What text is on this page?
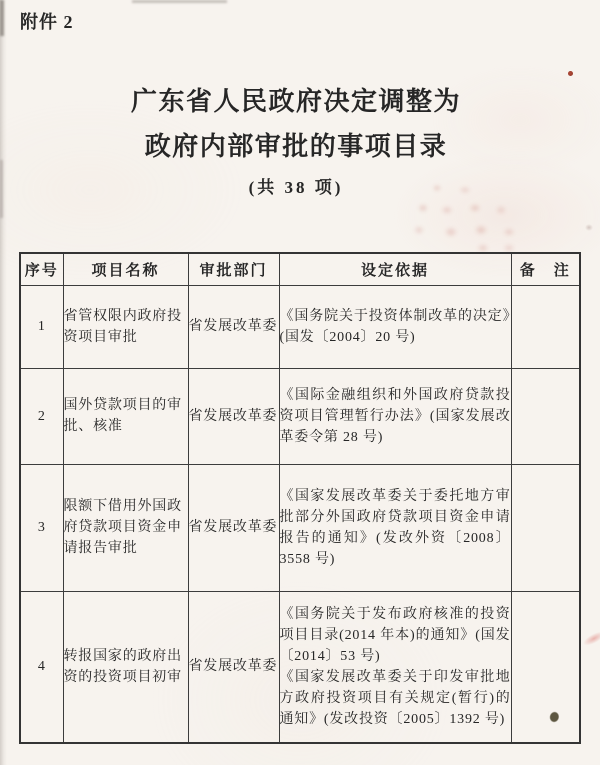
附件 2
广东省人民政府决定调整为
政府内部审批的事项目录
(共 38 项)
序号	项目名称	审批部门	设定依据	备　注
1	省管权限内政府投资项目审批	省发展改革委	《国务院关于投资体制改革的决定》(国发〔2004〕20 号)	

2	国外贷款项目的审批、核准	省发展改革委	《国际金融组织和外国政府贷款投资项目管理暂行办法》(国家发展改革委令第 28 号)	

3	限额下借用外国政府贷款项目资金申请报告审批	省发展改革委	《国家发展改革委关于委托地方审批部分外国政府贷款项目资金申请报告的通知》(发改外资〔2008〕3558 号)	

4	转报国家的政府出资的投资项目初审	省发展改革委	《国务院关于发布政府核准的投资项目目录(2014 年本)的通知》(国发〔2014〕53 号)
《国家发展改革委关于印发审批地方政府投资项目有关规定(暂行)的通知》(发改投资〔2005〕1392 号)	
